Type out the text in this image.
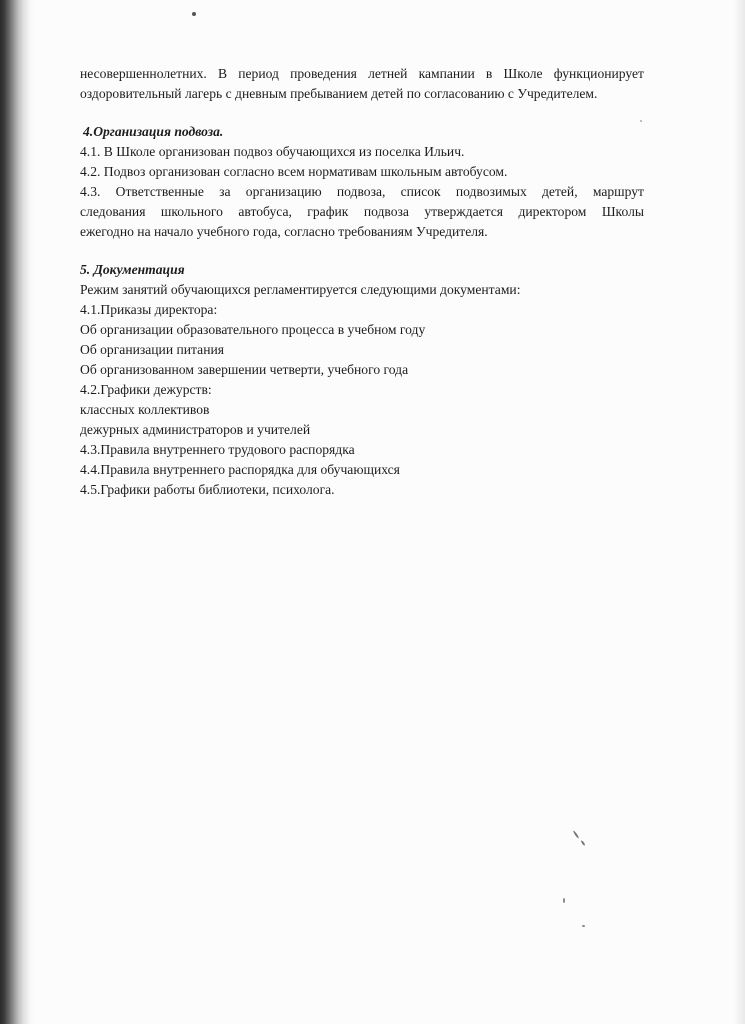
несовершеннолетних. В период проведения летней кампании в Школе функционирует
оздоровительный лагерь с дневным пребыванием детей по согласованию с Учредителем.

4.Организация подвоза.

4.1. В Школе организован подвоз обучающихся из поселка Ильич.
4.2. Подвоз организован согласно всем нормативам школьным автобусом.
4.3. Ответственные за организацию подвоза, список подвозимых детей, маршрут
следования школьного автобуса, график подвоза утверждается директором Школы
ежегодно на начало учебного года, согласно требованиям Учредителя.

5. Документация

Режим занятий обучающихся регламентируется следующими документами:
4.1.Приказы директора:
Об организации образовательного процесса в учебном году
Об организации питания
Об организованном завершении четверти, учебного года
4.2.Графики дежурств:
классных коллективов
дежурных администраторов и учителей
4.3.Правила внутреннего трудового распорядка
4.4.Правила внутреннего распорядка для обучающихся
4.5.Графики работы библиотеки, психолога.
